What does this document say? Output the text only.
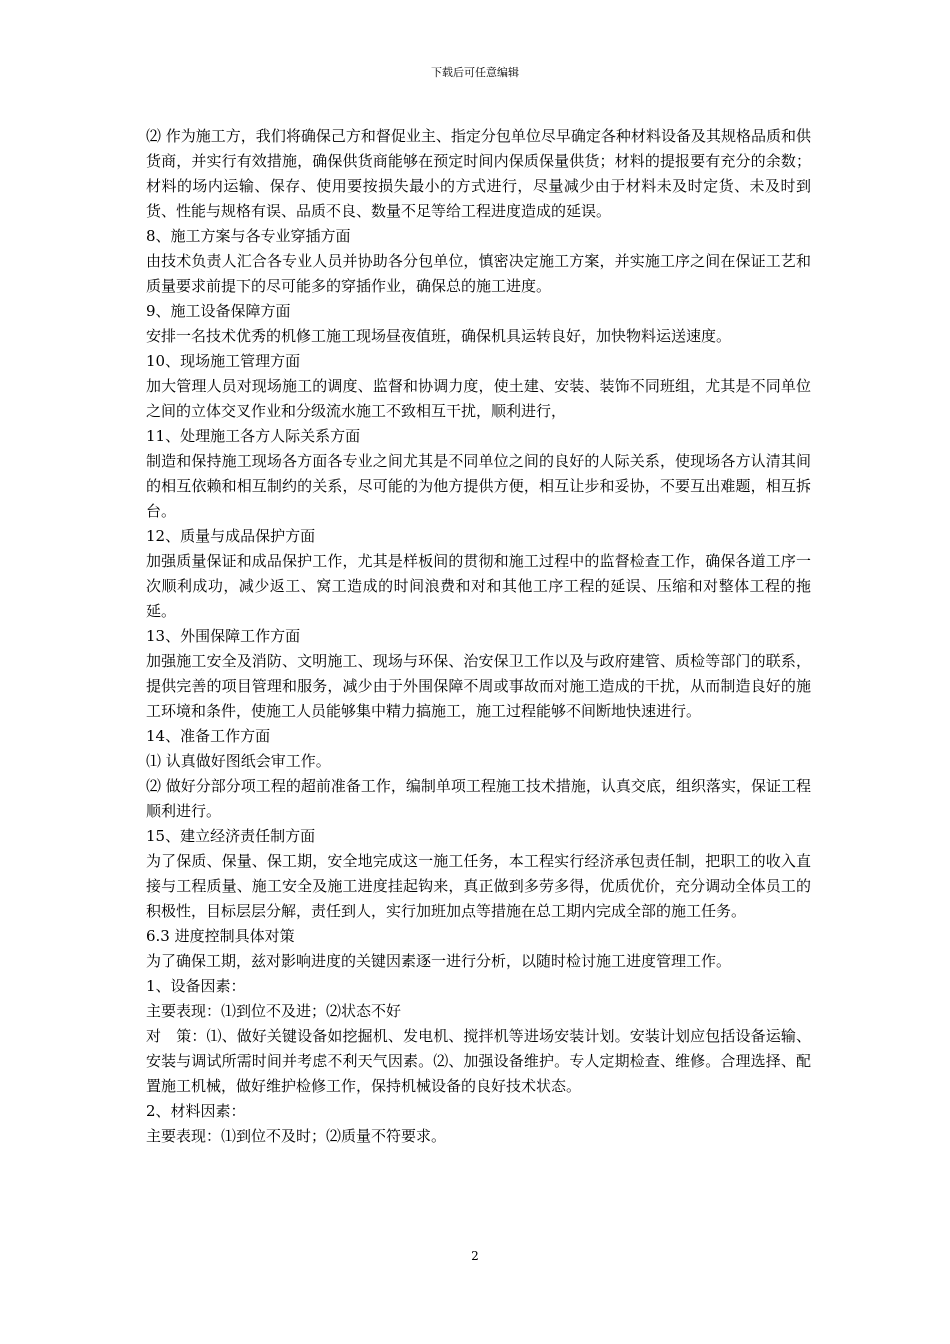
下载后可任意编辑

⑵ 作为施工方，我们将确保己方和督促业主、指定分包单位尽早确定各种材料设备及其规格品质和供货商，并实行有效措施，确保供货商能够在预定时间内保质保量供货；材料的提报要有充分的余数；材料的场内运输、保存、使用要按损失最小的方式进行，尽量减少由于材料未及时定货、未及时到货、性能与规格有误、品质不良、数量不足等给工程进度造成的延误。

8、施工方案与各专业穿插方面

由技术负责人汇合各专业人员并协助各分包单位，慎密决定施工方案，并实施工序之间在保证工艺和质量要求前提下的尽可能多的穿插作业，确保总的施工进度。

9、施工设备保障方面

安排一名技术优秀的机修工施工现场昼夜值班，确保机具运转良好，加快物料运送速度。

10、现场施工管理方面

加大管理人员对现场施工的调度、监督和协调力度，使土建、安装、装饰不同班组，尤其是不同单位之间的立体交叉作业和分级流水施工不致相互干扰，顺利进行，

11、处理施工各方人际关系方面

制造和保持施工现场各方面各专业之间尤其是不同单位之间的良好的人际关系，使现场各方认清其间的相互依赖和相互制约的关系，尽可能的为他方提供方便，相互让步和妥协，不要互出难题，相互拆台。

12、质量与成品保护方面

加强质量保证和成品保护工作，尤其是样板间的贯彻和施工过程中的监督检查工作，确保各道工序一次顺利成功，减少返工、窝工造成的时间浪费和对和其他工序工程的延误、压缩和对整体工程的拖延。

13、外围保障工作方面

加强施工安全及消防、文明施工、现场与环保、治安保卫工作以及与政府建管、质检等部门的联系，提供完善的项目管理和服务，减少由于外围保障不周或事故而对施工造成的干扰，从而制造良好的施工环境和条件，使施工人员能够集中精力搞施工，施工过程能够不间断地快速进行。

14、准备工作方面

⑴ 认真做好图纸会审工作。

⑵ 做好分部分项工程的超前准备工作，编制单项工程施工技术措施，认真交底，组织落实，保证工程顺利进行。

15、建立经济责任制方面

为了保质、保量、保工期，安全地完成这一施工任务，本工程实行经济承包责任制，把职工的收入直接与工程质量、施工安全及施工进度挂起钩来，真正做到多劳多得，优质优价，充分调动全体员工的积极性，目标层层分解，责任到人，实行加班加点等措施在总工期内完成全部的施工任务。

6.3 进度控制具体对策

为了确保工期，兹对影响进度的关键因素逐一进行分析，以随时检讨施工进度管理工作。

1、设备因素：

主要表现：⑴到位不及进；⑵状态不好

对　策：⑴、做好关键设备如挖掘机、发电机、搅拌机等进场安装计划。安装计划应包括设备运输、安装与调试所需时间并考虑不利天气因素。⑵、加强设备维护。专人定期检查、维修。合理选择、配置施工机械，做好维护检修工作，保持机械设备的良好技术状态。

2、材料因素：

主要表现：⑴到位不及时；⑵质量不符要求。

2
